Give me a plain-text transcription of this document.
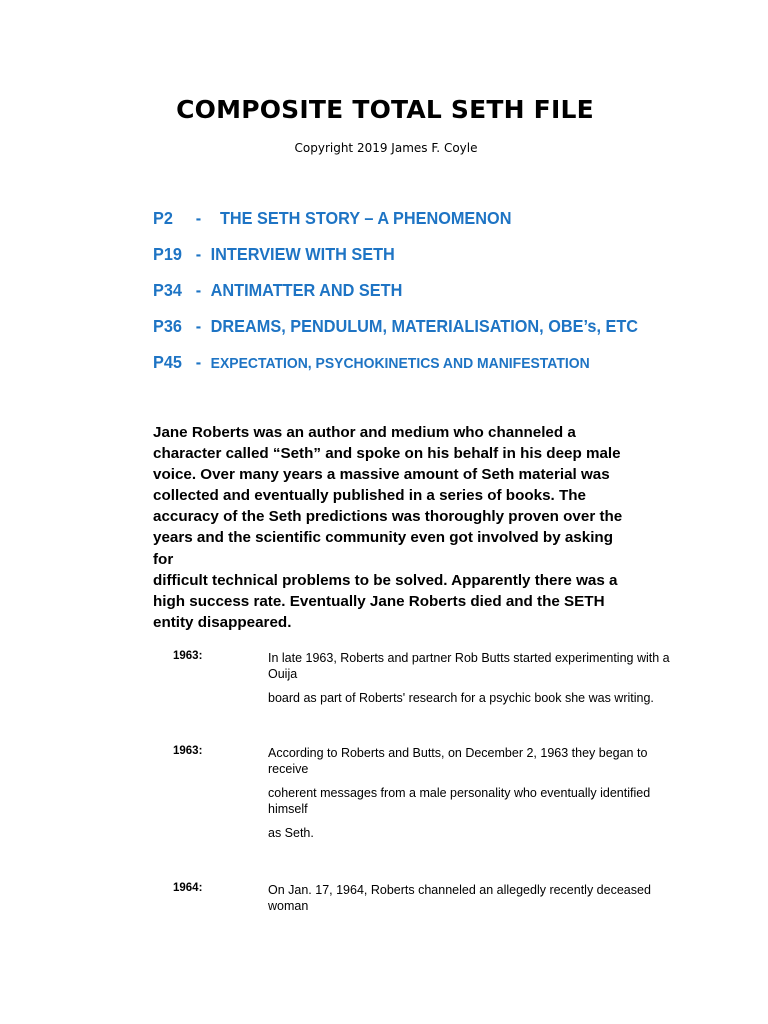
COMPOSITE TOTAL SETH FILE
Copyright 2019 James F. Coyle
P2 - THE SETH STORY – A PHENOMENON
P19 - INTERVIEW WITH SETH
P34 - ANTIMATTER AND SETH
P36 - DREAMS, PENDULUM, MATERIALISATION, OBE’s, ETC
P45 - EXPECTATION, PSYCHOKINETICS AND MANIFESTATION
Jane Roberts was an author and medium who channeled a
character called “Seth” and spoke on his behalf in his deep male
voice. Over many years a massive amount of Seth material was
collected and eventually published in a series of books. The
accuracy of the Seth predictions was thoroughly proven over the
years and the scientific community even got involved by asking for
difficult technical problems to be solved. Apparently there was a
high success rate. Eventually Jane Roberts died and the SETH
entity disappeared.
1963:	In late 1963, Roberts and partner Rob Butts started experimenting with a
Ouija
board as part of Roberts' research for a psychic book she was writing.
1963:	According to Roberts and Butts, on December 2, 1963 they began to
receive
coherent messages from a male personality who eventually identified
himself
as Seth.
1964:	On Jan. 17, 1964, Roberts channeled an allegedly recently deceased
woman
